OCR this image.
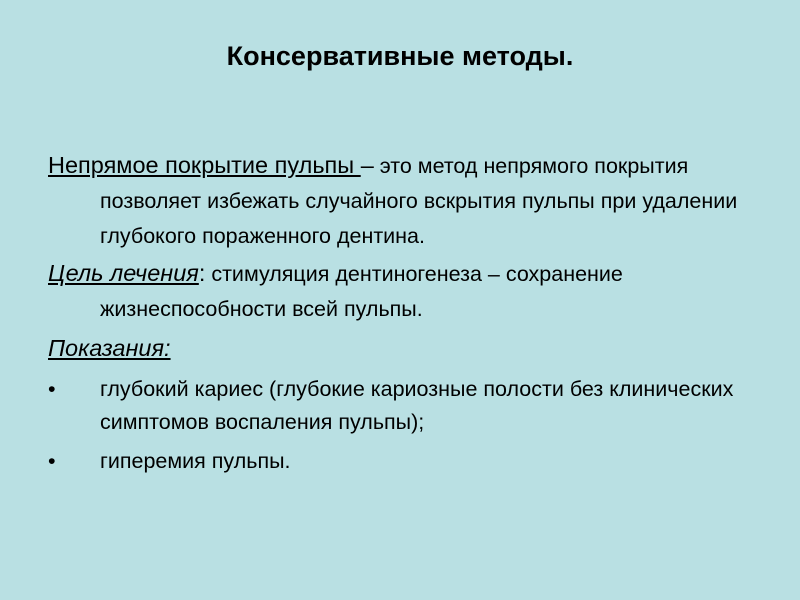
Консервативные методы.

Непрямое покрытие пульпы – это метод непрямого покрытия позволяет избежать случайного вскрытия пульпы при удалении глубокого пораженного дентина.

Цель лечения: стимуляция дентиногенеза – сохранение жизнеспособности всей пульпы.

Показания:

•	глубокий кариес (глубокие кариозные полости без клинических симптомов воспаления пульпы);

•	гиперемия пульпы.
